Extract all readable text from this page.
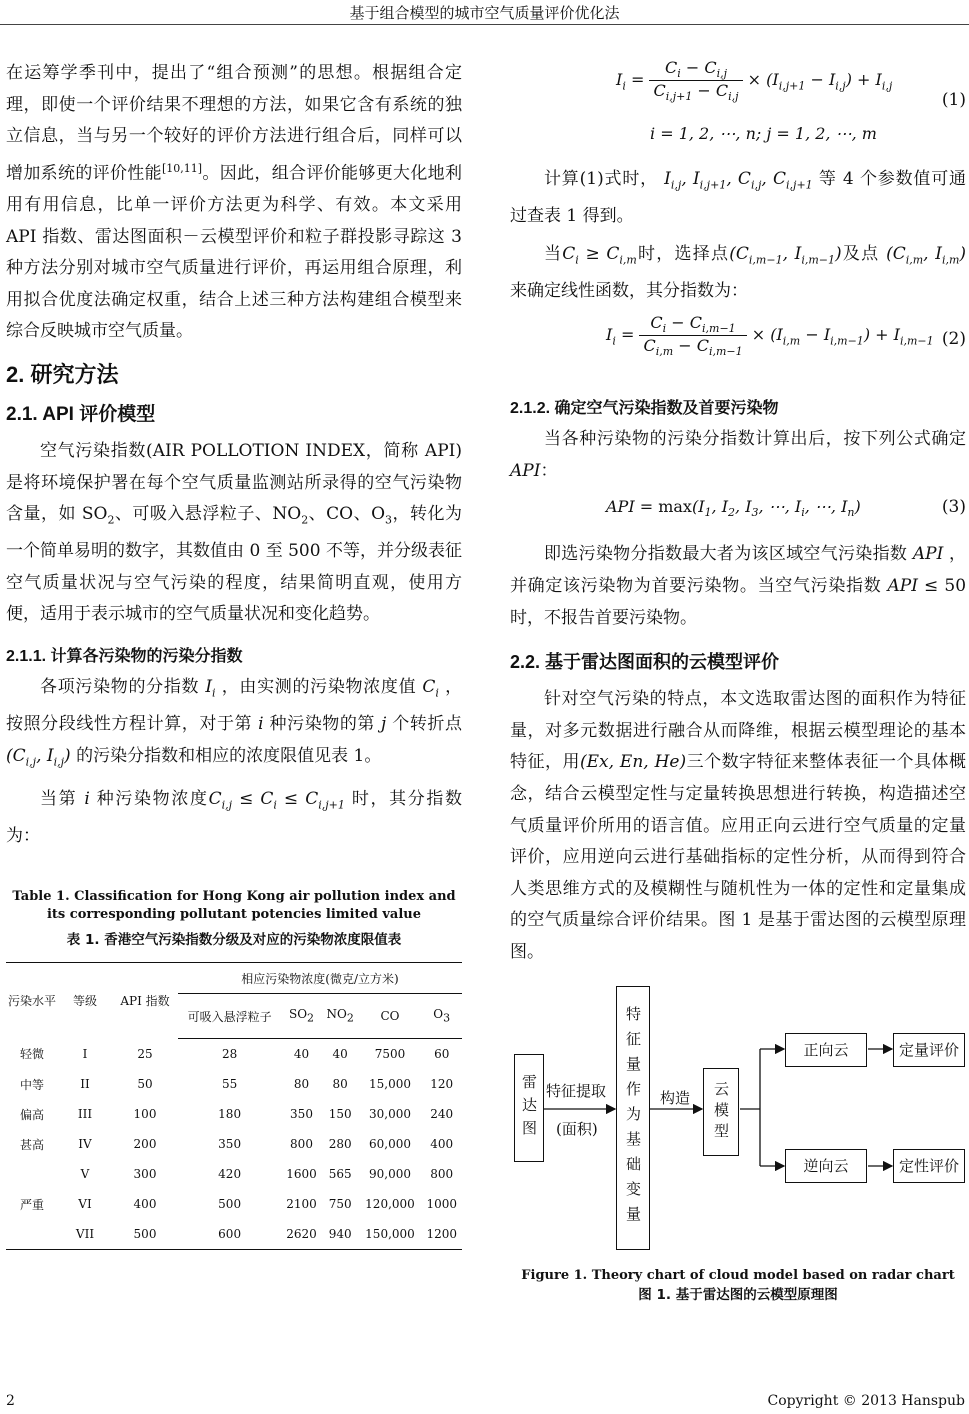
基于组合模型的城市空气质量评价优化法

在运筹学季刊中，提出了“组合预测”的思想。根据组合定理，即使一个评价结果不理想的方法，如果它含有系统的独立信息，当与另一个较好的评价方法进行组合后，同样可以增加系统的评价性能[10,11]。因此，组合评价能够更大化地利用有用信息，比单一评价方法更为科学、有效。本文采用 API 指数、雷达图面积－云模型评价和粒子群投影寻踪这 3 种方法分别对城市空气质量进行评价，再运用组合原理，利用拟合优度法确定权重，结合上述三种方法构建组合模型来综合反映城市空气质量。

2. 研究方法
2.1. API 评价模型

空气污染指数(AIR POLLOTION INDEX，简称 API)是将环境保护署在每个空气质量监测站所录得的空气污染物含量，如 $SO_2$、可吸入悬浮粒子、$NO_2$、CO、$O_3$，转化为一个简单易明的数字，其数值由 0 至 500 不等，并分级表征空气质量状况与空气污染的程度，结果简明直观，使用方便，适用于表示城市的空气质量状况和变化趋势。

2.1.1. 计算各污染物的污染分指数

各项污染物的分指数 $I_i$ ，由实测的污染物浓度值 $C_i$ ，按照分段线性方程计算，对于第 i 种污染物的第 j 个转折点($C_{i,j}$, $I_{i,j}$) 的污染分指数和相应的浓度限值见表 1。

当第 i 种污染物浓度$C_{i,j} \le C_i \le C_{i,j+1}$ 时，其分指数为：

Table 1. Classification for Hong Kong air pollution index and its corresponding pollutant potencies limited value
表 1. 香港空气污染指数分级及对应的污染物浓度限值表
污染水平	等级	API 指数	相应污染物浓度(微克/立方米)				
			可吸入悬浮粒子	$SO_2$	$NO_2$	CO	$O_3$
轻微	I	25	28	40	40	7500	60
中等	II	50	55	80	80	15,000	120
偏高	III	100	180	350	150	30,000	240
甚高	IV	200	350	800	280	60,000	400
	V	300	420	1600	565	90,000	800
严重	VI	400	500	2100	750	120,000	1000
	VII	500	600	2620	940	150,000	1200
$I_i = \frac{C_i - C_{i,j}}{C_{i,j+1} - C_{i,j}} \times (I_{i,j+1} - I_{i,j}) + I_{i,j}$
i = 1, 2, ⋯, n; j = 1, 2, ⋯, m
(1)

计算(1)式时， $I_{i,j}$, $I_{i,j+1}$, $C_{i,j}$, $C_{i,j+1}$ 等 4 个参数值可通过查表 1 得到。

当$C_i \ge C_{i,m}$时，选择点($C_{i,m-1}$, $I_{i,m-1}$)及点 ($C_{i,m}$, $I_{i,m}$) 来确定线性函数，其分指数为：

$I_i = \frac{C_i - C_{i,m-1}}{C_{i,m} - C_{i,m-1}} \times (I_{i,m} - I_{i,m-1}) + I_{i,m-1}$ (2)
2.1.2. 确定空气污染指数及首要污染物

当各种污染物的污染分指数计算出后，按下列公式确定 API：

API = $\max(I_1$, $I_2$, $I_3$, ⋯, $I_i$, ⋯, $I_n$)	(3)

即选污染物分指数最大者为该区域空气污染指数 API ，并确定该污染物为首要污染物。当空气污染指数 API ≤ 50 时，不报告首要污染物。

2.2. 基于雷达图面积的云模型评价

针对空气污染的特点，本文选取雷达图的面积作为特征量，对多元数据进行融合从而降维，根据云模型理论的基本特征，用(Ex, En, He)三个数字特征来整体表征一个具体概念，结合云模型定性与定量转换思想进行转换，构造描述空气质量评价所用的语言值。应用正向云进行空气质量的定量评价，应用逆向云进行基础指标的定性分析，从而得到符合人类思维方式的及模糊性与随机性为一体的定性和定量集成的空气质量综合评价结果。图 1 是基于雷达图的云模型原理图。

雷达图 特征提取
(面积) 特征量作为基础变量 构造 云模型
正向云
逆向云
定量评价
定性评价
Figure 1. Theory chart of cloud model based on radar chart
图 1. 基于雷达图的云模型原理图
2	Copyright © 2013 Hanspub
